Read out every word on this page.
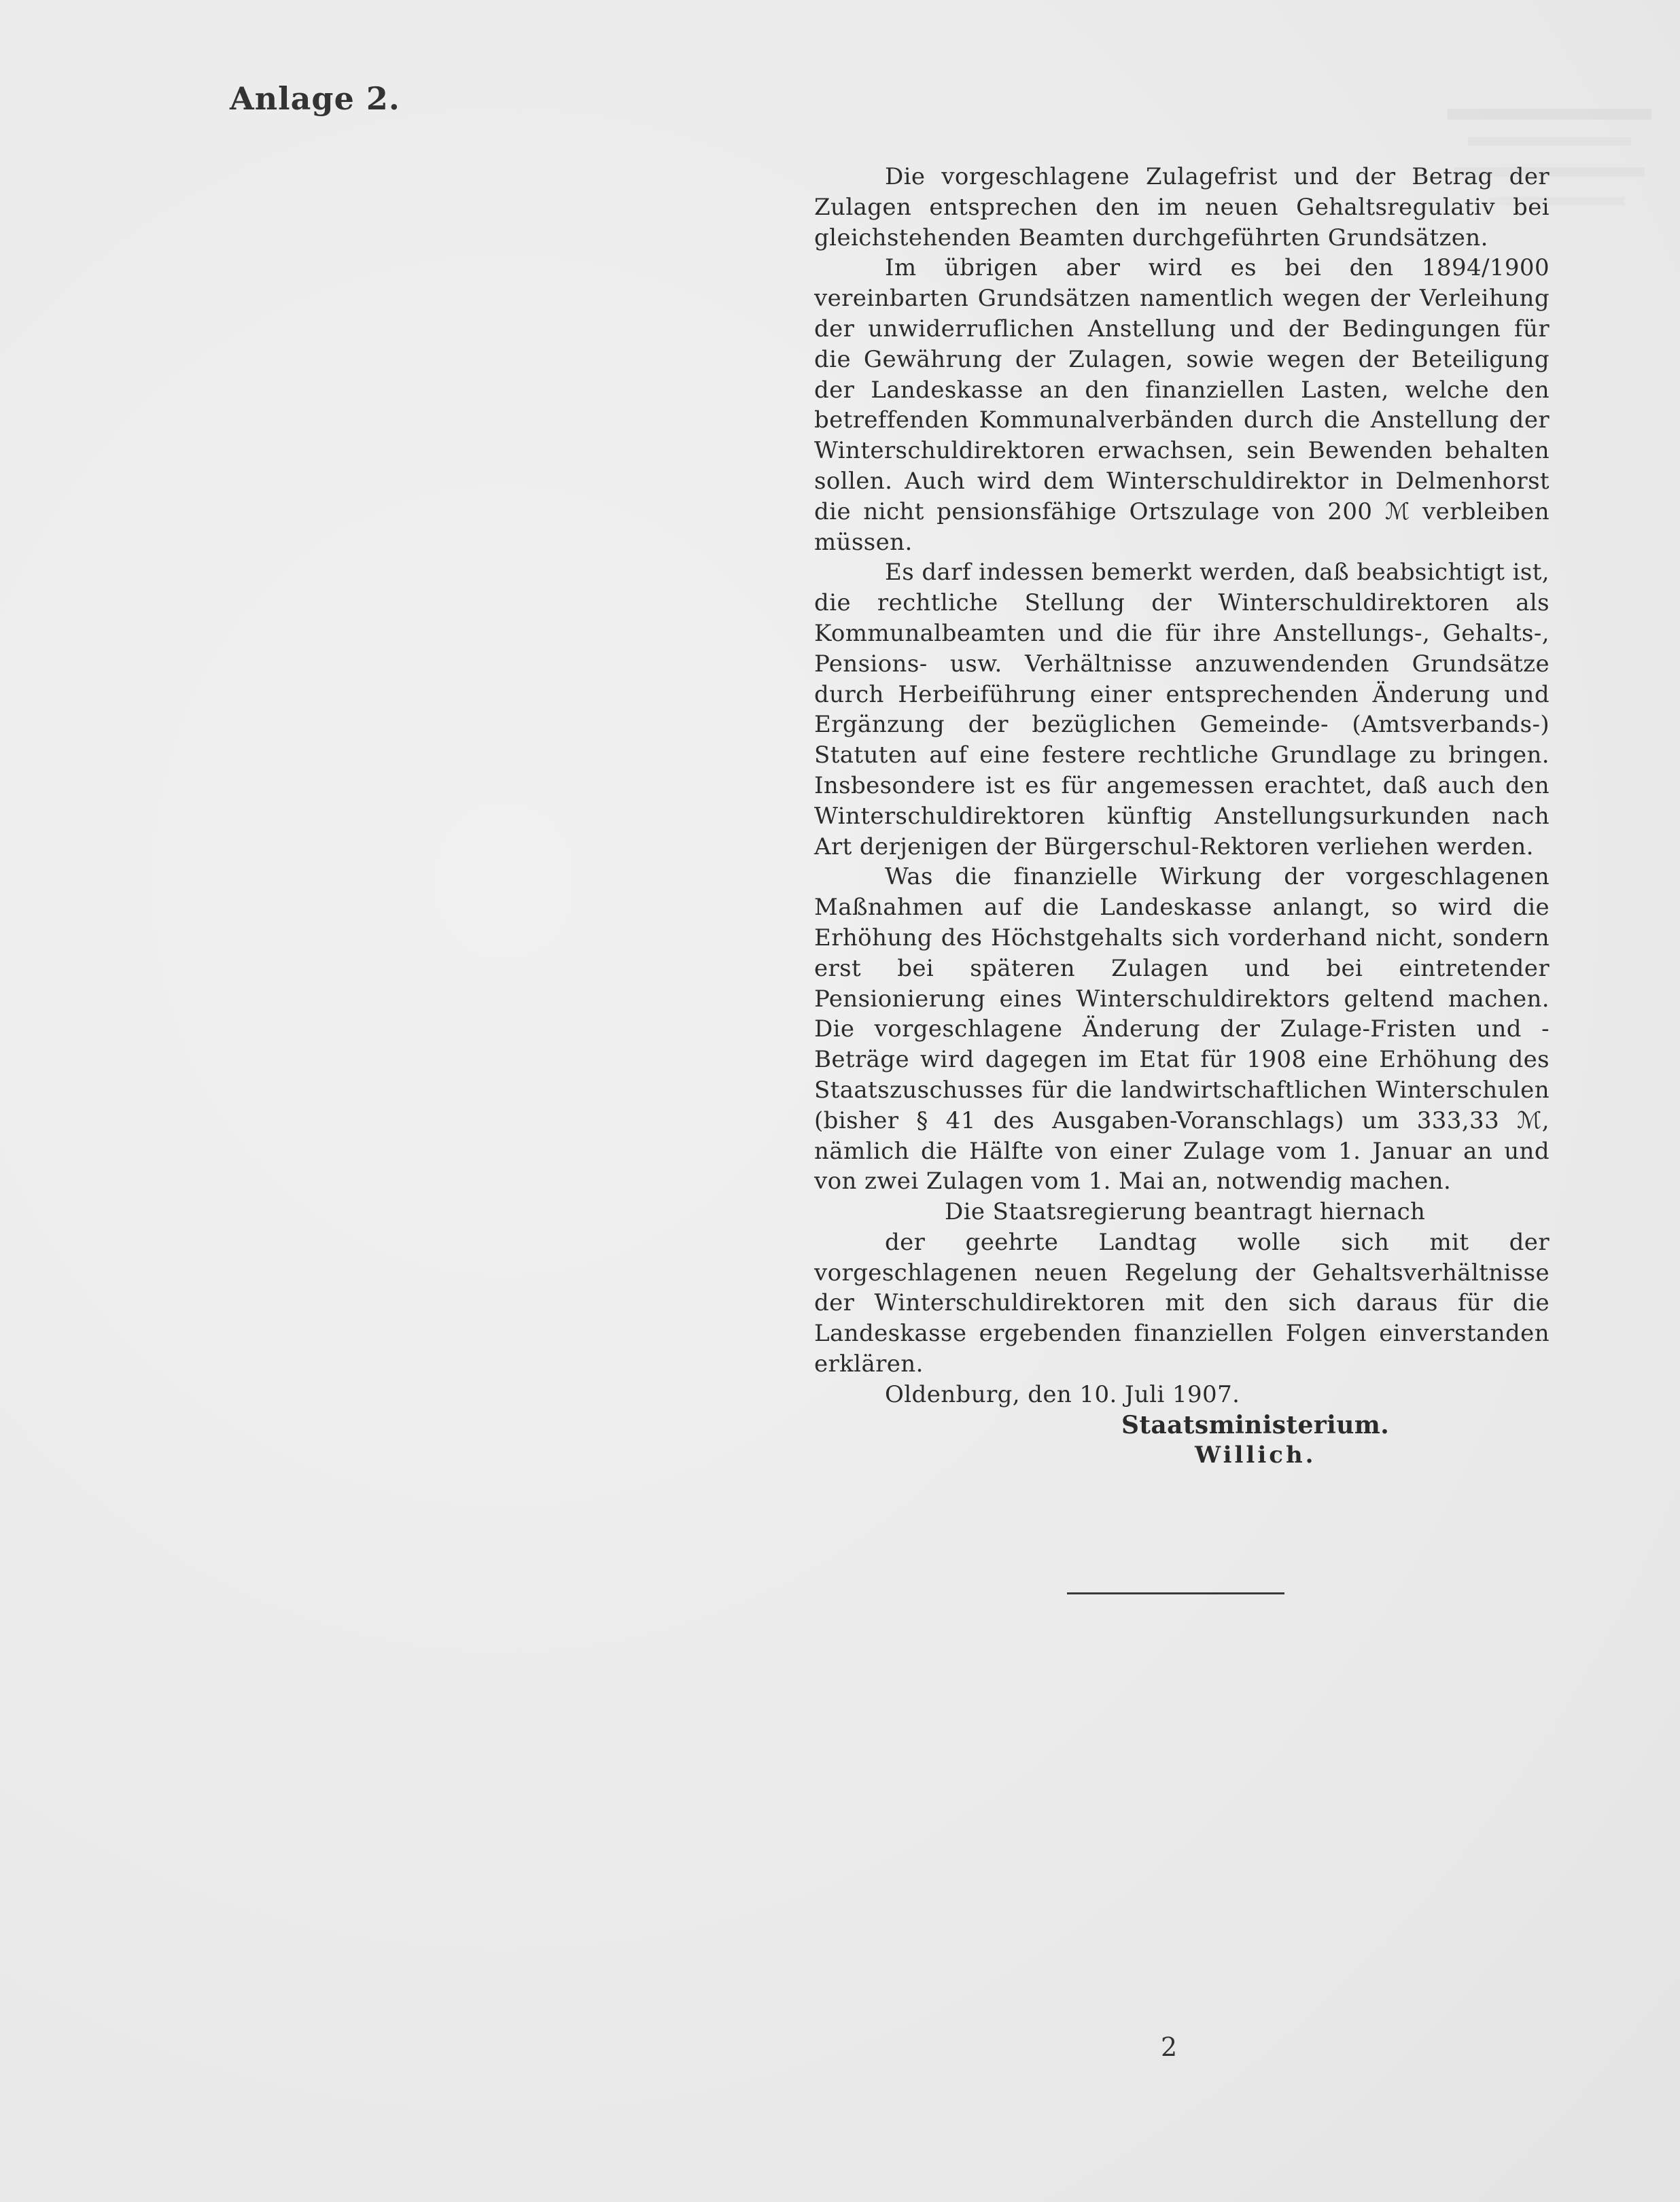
Anlage 2.

Die vorgeschlagene Zulagefrist und der Betrag der Zulagen entsprechen den im neuen Gehaltsregulativ bei gleichstehenden Beamten durchgeführten Grundsätzen.

Im übrigen aber wird es bei den 1894/1900 vereinbarten Grundsätzen namentlich wegen der Verleihung der unwiderruflichen Anstellung und der Bedingungen für die Gewährung der Zulagen, sowie wegen der Beteiligung der Landeskasse an den finanziellen Lasten, welche den betreffenden Kommunalverbänden durch die Anstellung der Winterschuldirektoren erwachsen, sein Bewenden behalten sollen. Auch wird dem Winterschuldirektor in Delmenhorst die nicht pensionsfähige Ortszulage von 200 ℳ verbleiben müssen.

Es darf indessen bemerkt werden, daß beabsichtigt ist, die rechtliche Stellung der Winterschuldirektoren als Kommunalbeamten und die für ihre Anstellungs-, Gehalts-, Pensions- usw. Verhältnisse anzuwendenden Grundsätze durch Herbeiführung einer entsprechenden Änderung und Ergänzung der bezüglichen Gemeinde- (Amtsverbands-) Statuten auf eine festere rechtliche Grundlage zu bringen. Insbesondere ist es für angemessen erachtet, daß auch den Winterschuldirektoren künftig Anstellungsurkunden nach Art derjenigen der Bürgerschul-Rektoren verliehen werden.

Was die finanzielle Wirkung der vorgeschlagenen Maßnahmen auf die Landeskasse anlangt, so wird die Erhöhung des Höchstgehalts sich vorderhand nicht, sondern erst bei späteren Zulagen und bei eintretender Pensionierung eines Winterschuldirektors geltend machen. Die vorgeschlagene Änderung der Zulage-Fristen und -Beträge wird dagegen im Etat für 1908 eine Erhöhung des Staatszuschusses für die landwirtschaftlichen Winterschulen (bisher § 41 des Ausgaben-Voranschlags) um 333,33 ℳ, nämlich die Hälfte von einer Zulage vom 1. Januar an und von zwei Zulagen vom 1. Mai an, notwendig machen.

Die Staatsregierung beantragt hiernach

der geehrte Landtag wolle sich mit der vorgeschlagenen neuen Regelung der Gehaltsverhältnisse der Winterschuldirektoren mit den sich daraus für die Landeskasse ergebenden finanziellen Folgen einverstanden erklären.

Oldenburg, den 10. Juli 1907.

Staatsministerium.

Willich.

2
